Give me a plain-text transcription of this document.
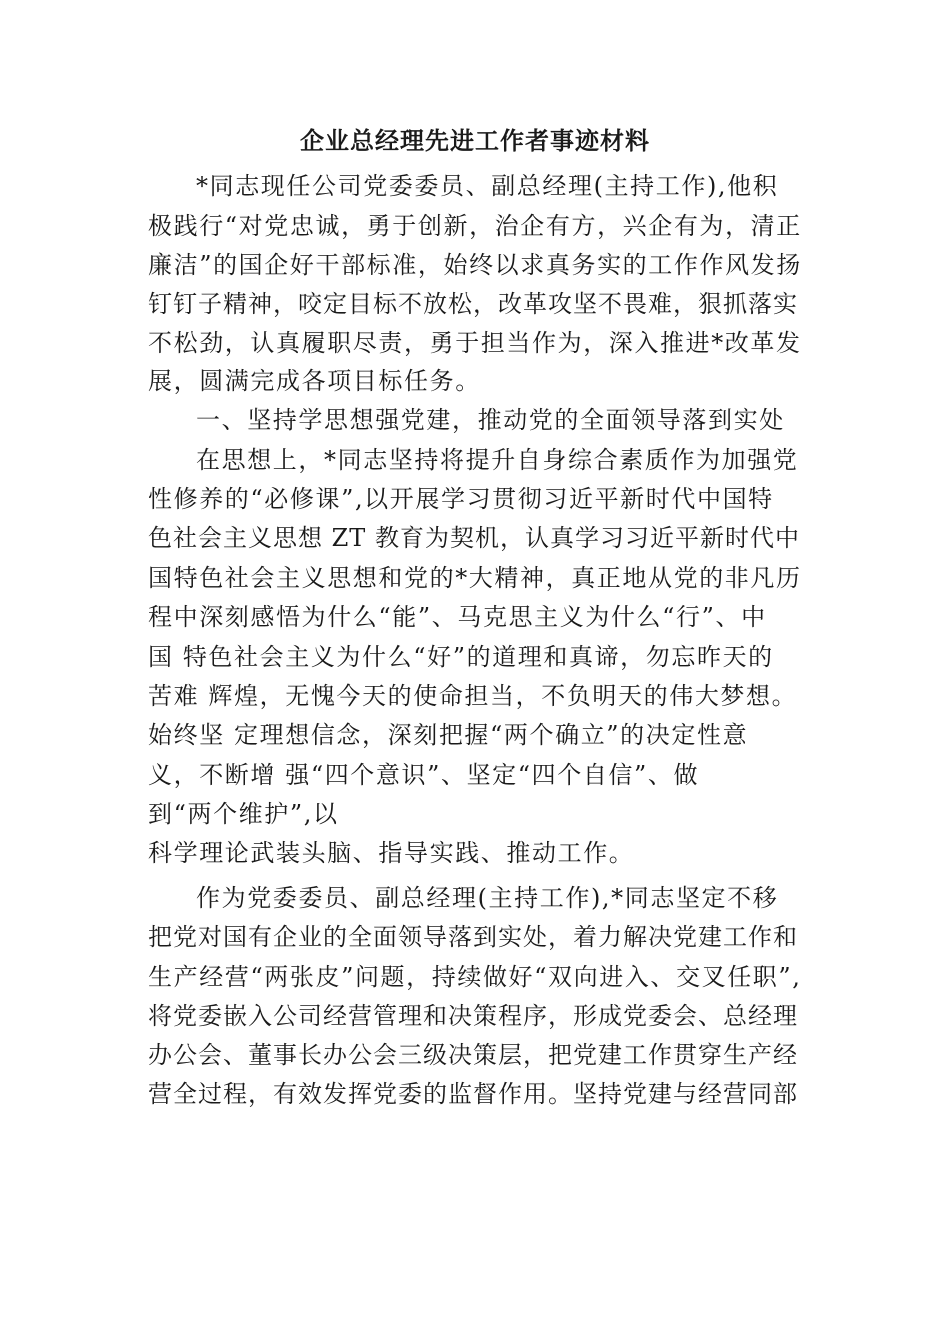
企业总经理先进工作者事迹材料
*同志现任公司党委委员、副总经理(主持工作),他积
极践行“对党忠诚，勇于创新，治企有方，兴企有为，清正
廉洁”的国企好干部标准，始终以求真务实的工作作风发扬
钉钉子精神，咬定目标不放松，改革攻坚不畏难，狠抓落实
不松劲，认真履职尽责，勇于担当作为，深入推进*改革发
展，圆满完成各项目标任务。
一、坚持学思想强党建，推动党的全面领导落到实处
在思想上，*同志坚持将提升自身综合素质作为加强党
性修养的“必修课”,以开展学习贯彻习近平新时代中国特
色社会主义思想 ZT 教育为契机，认真学习习近平新时代中
国特色社会主义思想和党的*大精神，真正地从党的非凡历
程中深刻感悟为什么“能”、马克思主义为什么“行”、中
国 特色社会主义为什么“好”的道理和真谛，勿忘昨天的
苦难 辉煌，无愧今天的使命担当，不负明天的伟大梦想。
始终坚 定理想信念，深刻把握“两个确立”的决定性意
义，不断增 强“四个意识”、坚定“四个自信”、做
到“两个维护”,以
科学理论武装头脑、指导实践、推动工作。
作为党委委员、副总经理(主持工作),*同志坚定不移
把党对国有企业的全面领导落到实处，着力解决党建工作和
生产经营“两张皮”问题，持续做好“双向进入、交叉任职”,
将党委嵌入公司经营管理和决策程序，形成党委会、总经理
办公会、董事长办公会三级决策层，把党建工作贯穿生产经
营全过程，有效发挥党委的监督作用。坚持党建与经营同部
